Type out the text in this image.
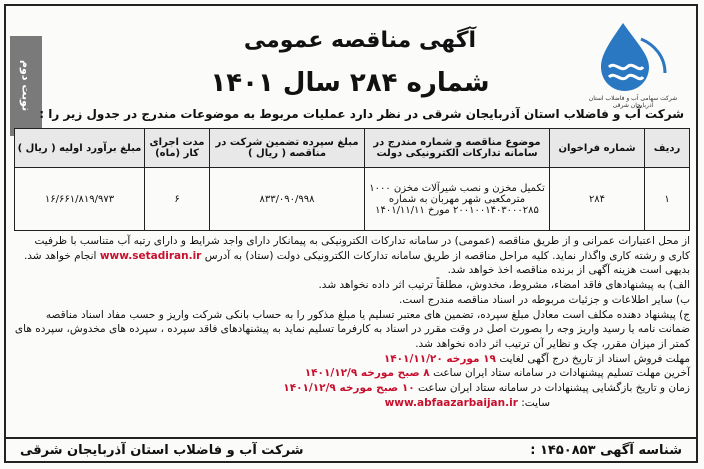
نوبت دوم	شرکت سهامی آب و فاضلاب استان آذربایجان شرقی
آگهی مناقصه عمومی
شماره ۲۸۴ سال ۱۴۰۱
شرکت آب و فاضلاب استان آذربایجان شرقی در نظر دارد عملیات مربوط به موضوعات مندرج در جدول زیر را :
ردیف	شماره فراخوان	موضوع مناقصه و شماره مندرج در سامانه تدارکات الکترونیکی دولت	مبلغ سپرده تضمین شرکت در مناقصه ( ریال )	مدت اجرای کار (ماه)	مبلغ برآورد اولیه ( ریال )
۱	۲۸۴	تکمیل مخزن و نصب شیرآلات مخزن ۱۰۰۰ مترمکعبی شهر مهربان به شماره ۲۰۰۱۰۰۱۴۰۳۰۰۰۲۸۵ مورخ ۱۴۰۱/۱۱/۱۱	۸۳۳/۰۹۰/۹۹۸	۶	۱۶/۶۶۱/۸۱۹/۹۷۳

از محل اعتبارات عمرانی و از طریق مناقصه (عمومی) در سامانه تدارکات الکترونیکی به پیمانکار دارای واجد شرایط و دارای رتبه آب متناسب با ظرفیت کاری و رشته کاری واگذار نماید. کلیه مراحل مناقصه از طریق سامانه تدارکات الکترونیکی دولت (ستاد) به آدرس www.setadiran.ir انجام خواهد شد. بدیهی است هزینه آگهی از برنده مناقصه اخذ خواهد شد.

الف) به پیشنهادهای فاقد امضاء، مشروط، مخدوش، مطلقاً ترتیب اثر داده نخواهد شد.

ب) سایر اطلاعات و جزئیات مربوطه در اسناد مناقصه مندرج است.

ج) پیشنهاد دهنده مکلف است معادل مبلغ سپرده، تضمین های معتبر تسلیم یا مبلغ مذکور را به حساب بانکی شرکت واریز و حسب مفاد اسناد مناقصه ضمانت نامه یا رسید واریز وجه را بصورت اصل در وقت مقرر در اسناد به کارفرما تسلیم نماید به پیشنهادهای فاقد سپرده ، سپرده های مخدوش، سپرده های کمتر از میزان مقرر، چک و نظایر آن ترتیب اثر داده نخواهد شد.

مهلت فروش اسناد از تاریخ درج آگهی لغایت ۱۹ مورخه ۱۴۰۱/۱۱/۲۰

آخرین مهلت تسلیم پیشنهادات در سامانه ستاد ایران ساعت ۸ صبح مورخه ۱۴۰۱/۱۲/۹

زمان و تاریخ بازگشایی پیشنهادات در سامانه ستاد ایران ساعت ۱۰ صبح مورخه ۱۴۰۱/۱۲/۹

سایت: www.abfaazarbaijan.ir

شناسه آگهی ۱۴۵۰۸۵۳ :
شرکت آب و فاضلاب استان آذربایجان شرقی
